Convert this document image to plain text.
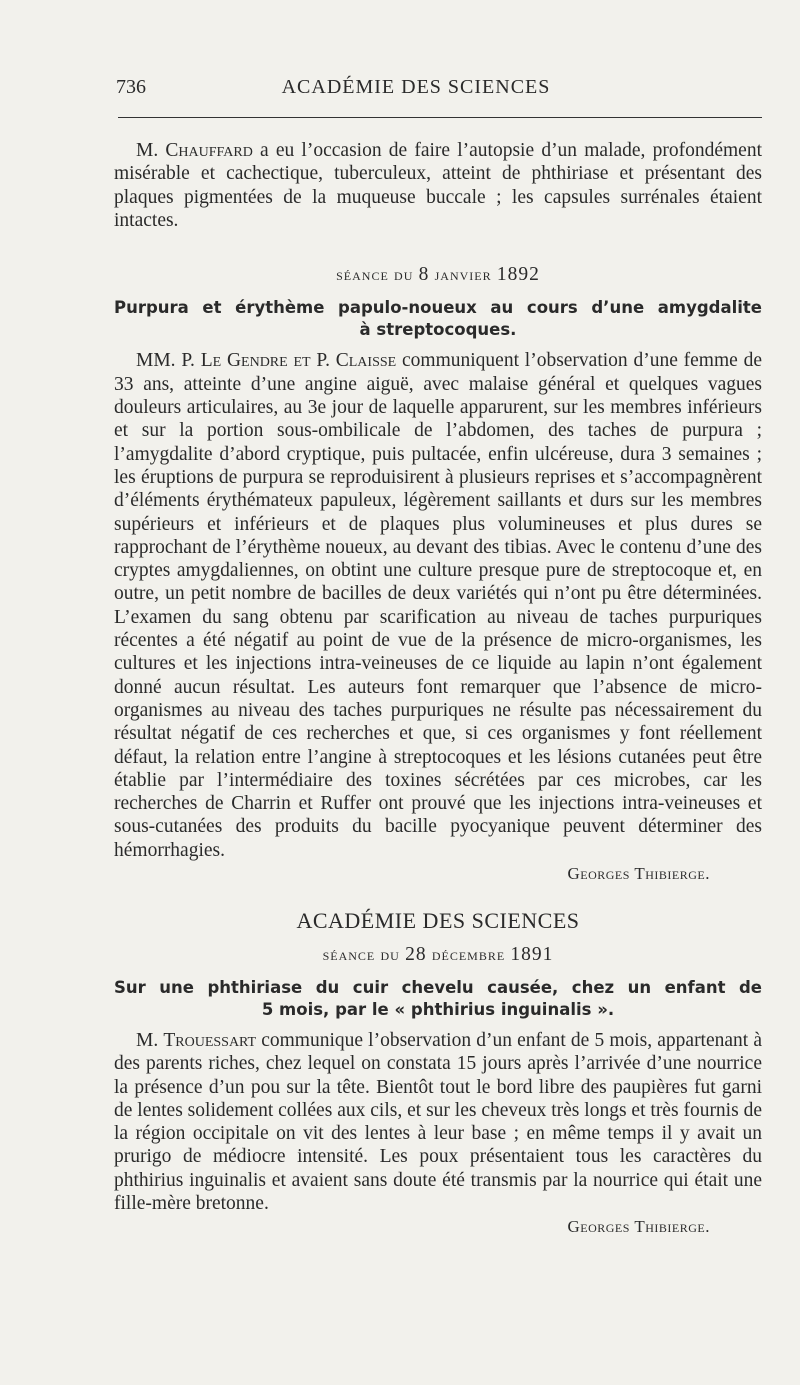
736	ACADÉMIE DES SCIENCES

M. Chauffard a eu l’occasion de faire l’autopsie d’un malade, profondément misérable et cachectique, tuberculeux, atteint de phthiriase et présentant des plaques pigmentées de la muqueuse buccale ; les capsules surrénales étaient intactes.

séance du 8 janvier 1892
Purpura et érythème papulo-noueux au cours d’une amygdalite
à streptocoques.

MM. P. Le Gendre et P. Claisse communiquent l’observation d’une femme de 33 ans, atteinte d’une angine aiguë, avec malaise général et quelques vagues douleurs articulaires, au 3e jour de laquelle apparurent, sur les membres inférieurs et sur la portion sous-ombilicale de l’abdomen, des taches de purpura ; l’amygdalite d’abord cryptique, puis pultacée, enfin ulcéreuse, dura 3 semaines ; les éruptions de purpura se reproduisirent à plusieurs reprises et s’accompagnèrent d’éléments érythémateux papuleux, légèrement saillants et durs sur les membres supérieurs et inférieurs et de plaques plus volumineuses et plus dures se rapprochant de l’érythème noueux, au devant des tibias. Avec le contenu d’une des cryptes amygdaliennes, on obtint une culture presque pure de streptocoque et, en outre, un petit nombre de bacilles de deux variétés qui n’ont pu être déterminées. L’examen du sang obtenu par scarification au niveau de taches purpuriques récentes a été négatif au point de vue de la présence de micro-organismes, les cultures et les injections intra-veineuses de ce liquide au lapin n’ont également donné aucun résultat. Les auteurs font remarquer que l’absence de micro-organismes au niveau des taches purpuriques ne résulte pas nécessairement du résultat négatif de ces recherches et que, si ces organismes y font réellement défaut, la relation entre l’angine à streptocoques et les lésions cutanées peut être établie par l’intermédiaire des toxines sécrétées par ces microbes, car les recherches de Charrin et Ruffer ont prouvé que les injections intra-veineuses et sous-cutanées des produits du bacille pyocyanique peuvent déterminer des hémorrhagies.

Georges Thibierge.
ACADÉMIE DES SCIENCES
séance du 28 décembre 1891
Sur une phthiriase du cuir chevelu causée, chez un enfant de
5 mois, par le « phthirius inguinalis ».

M. Trouessart communique l’observation d’un enfant de 5 mois, appartenant à des parents riches, chez lequel on constata 15 jours après l’arrivée d’une nourrice la présence d’un pou sur la tête. Bientôt tout le bord libre des paupières fut garni de lentes solidement collées aux cils, et sur les cheveux très longs et très fournis de la région occipitale on vit des lentes à leur base ; en même temps il y avait un prurigo de médiocre intensité. Les poux présentaient tous les caractères du phthirius inguinalis et avaient sans doute été transmis par la nourrice qui était une fille-mère bretonne.

Georges Thibierge.
